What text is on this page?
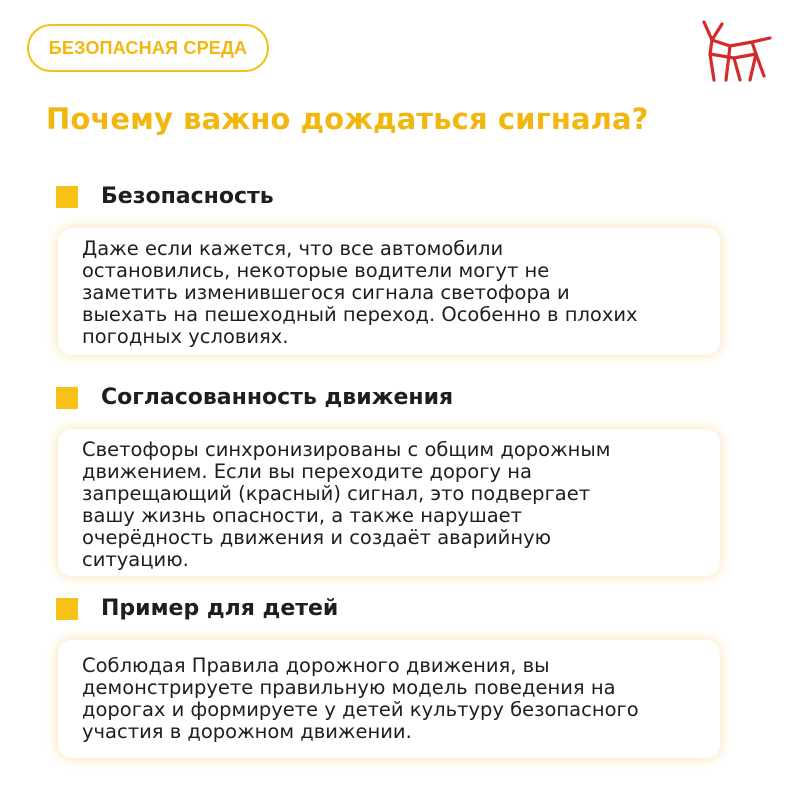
БЕЗОПАСНАЯ СРЕДА
Почему важно дождаться сигнала?
Безопасность
Даже если кажется, что все автомобили
остановились, некоторые водители могут не
заметить изменившегося сигнала светофора и
выехать на пешеходный переход. Особенно в плохих
погодных условиях.
Согласованность движения
Светофоры синхронизированы с общим дорожным
движением. Если вы переходите дорогу на
запрещающий (красный) сигнал, это подвергает
вашу жизнь опасности, а также нарушает
очерёдность движения и создаёт аварийную
ситуацию.
Пример для детей
Соблюдая Правила дорожного движения, вы
демонстрируете правильную модель поведения на
дорогах и формируете у детей культуру безопасного
участия в дорожном движении.
